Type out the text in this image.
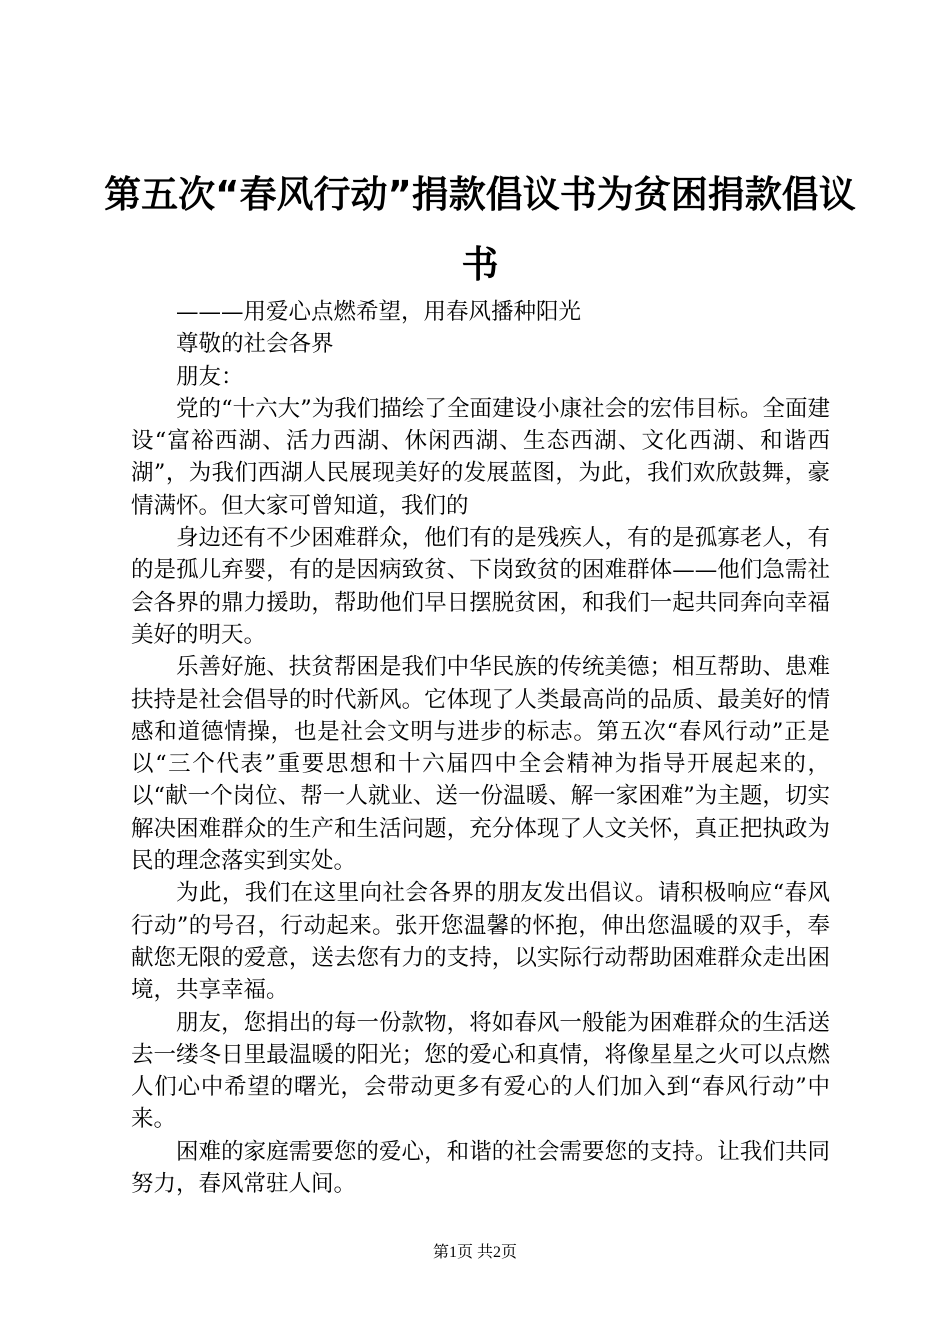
第五次“春风行动”捐款倡议书为贫困捐款倡议书

———用爱心点燃希望，用春风播种阳光

尊敬的社会各界

朋友：

党的“十六大”为我们描绘了全面建设小康社会的宏伟目标。全面建设“富裕西湖、活力西湖、休闲西湖、生态西湖、文化西湖、和谐西湖”，为我们西湖人民展现美好的发展蓝图，为此，我们欢欣鼓舞，豪情满怀。但大家可曾知道，我们的

身边还有不少困难群众，他们有的是残疾人，有的是孤寡老人，有的是孤儿弃婴，有的是因病致贫、下岗致贫的困难群体——他们急需社会各界的鼎力援助，帮助他们早日摆脱贫困，和我们一起共同奔向幸福美好的明天。

乐善好施、扶贫帮困是我们中华民族的传统美德；相互帮助、患难扶持是社会倡导的时代新风。它体现了人类最高尚的品质、最美好的情感和道德情操，也是社会文明与进步的标志。第五次“春风行动”正是以“三个代表”重要思想和十六届四中全会精神为指导开展起来的，以“献一个岗位、帮一人就业、送一份温暖、解一家困难”为主题，切实解决困难群众的生产和生活问题，充分体现了人文关怀，真正把执政为民的理念落实到实处。

为此，我们在这里向社会各界的朋友发出倡议。请积极响应“春风行动”的号召，行动起来。张开您温馨的怀抱，伸出您温暖的双手，奉献您无限的爱意，送去您有力的支持，以实际行动帮助困难群众走出困境，共享幸福。

朋友，您捐出的每一份款物，将如春风一般能为困难群众的生活送去一缕冬日里最温暖的阳光；您的爱心和真情，将像星星之火可以点燃人们心中希望的曙光，会带动更多有爱心的人们加入到“春风行动”中来。

困难的家庭需要您的爱心，和谐的社会需要您的支持。让我们共同努力，春风常驻人间。

第1页 共2页
